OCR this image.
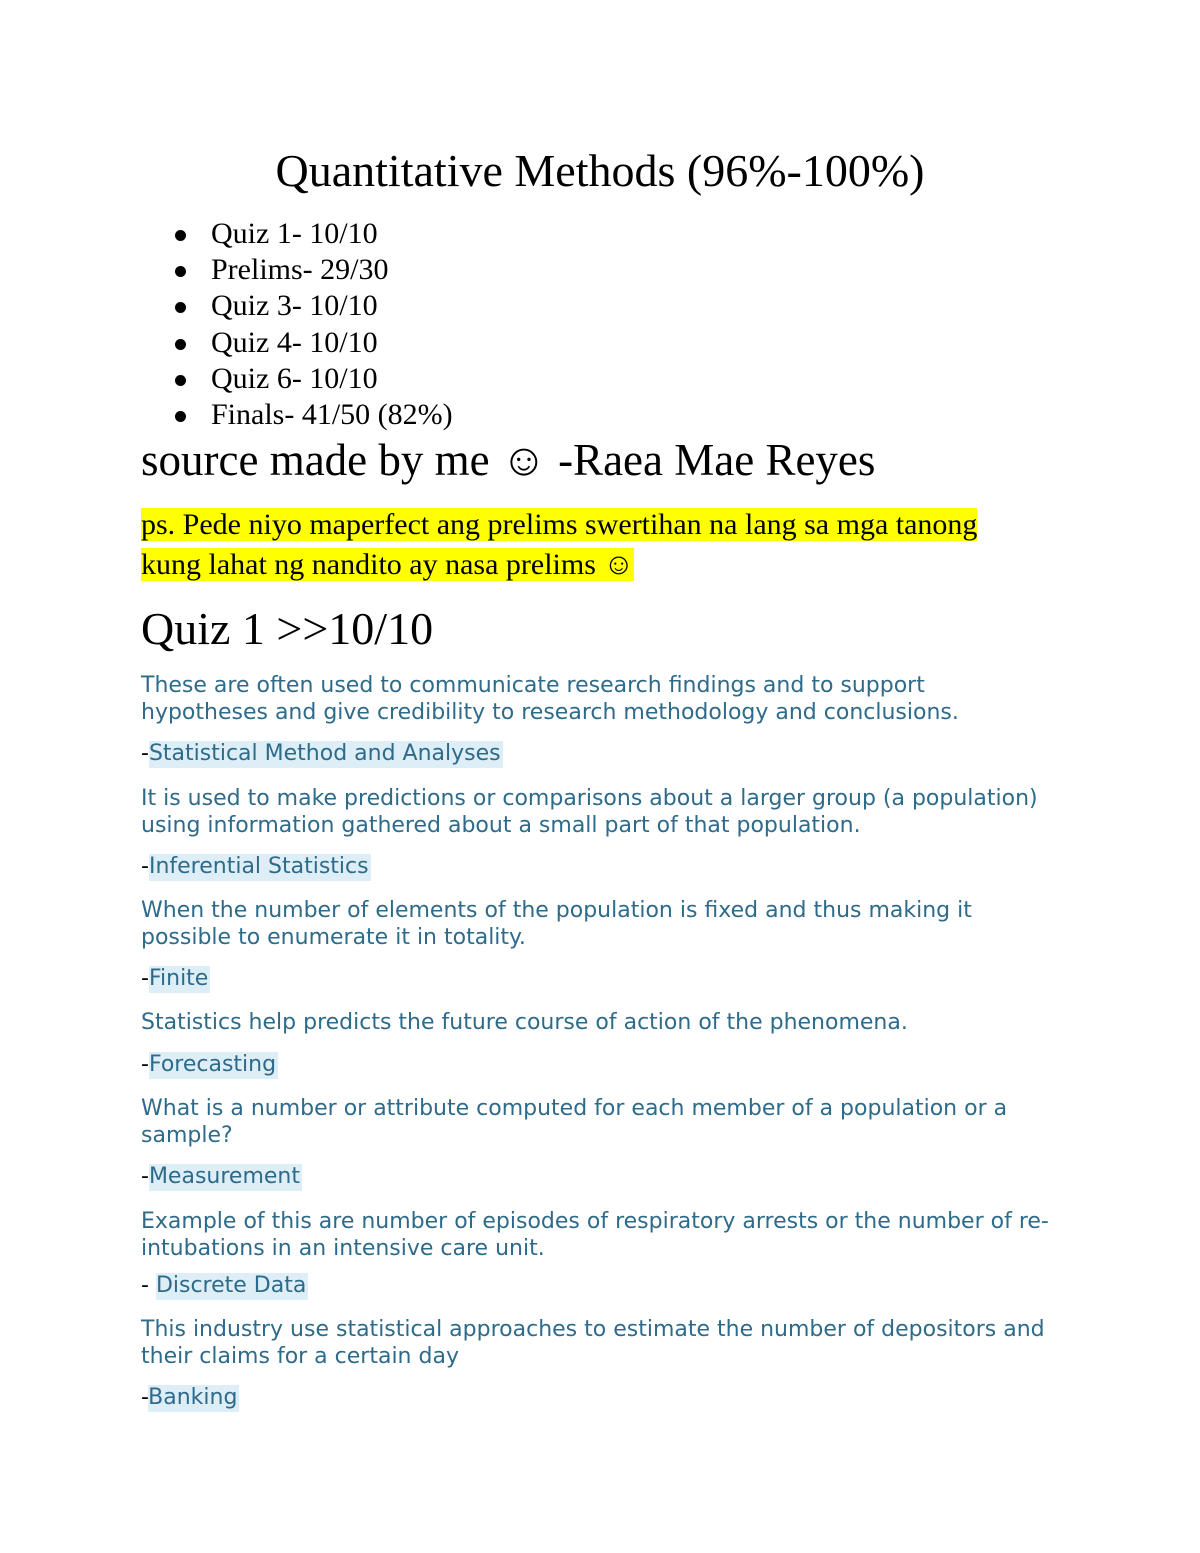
Quantitative Methods (96%-100%)
Quiz 1- 10/10
Prelims- 29/30
Quiz 3- 10/10
Quiz 4- 10/10
Quiz 6- 10/10
Finals- 41/50 (82%)

source made by me ☺ -Raea Mae Reyes

ps. Pede niyo maperfect ang prelims swertihan na lang sa mga tanong kung lahat ng nandito ay nasa prelims ☺

Quiz 1 >>10/10

These are often used to communicate research findings and to support hypotheses and give credibility to research methodology and conclusions.

-Statistical Method and Analyses

It is used to make predictions or comparisons about a larger group (a population) using information gathered about a small part of that population.

-Inferential Statistics

When the number of elements of the population is fixed and thus making it possible to enumerate it in totality.

-Finite

Statistics help predicts the future course of action of the phenomena.

-Forecasting

What is a number or attribute computed for each member of a population or a sample?

-Measurement

Example of this are number of episodes of respiratory arrests or the number of re-intubations in an intensive care unit.

- Discrete Data

This industry use statistical approaches to estimate the number of depositors and their claims for a certain day

-Banking
